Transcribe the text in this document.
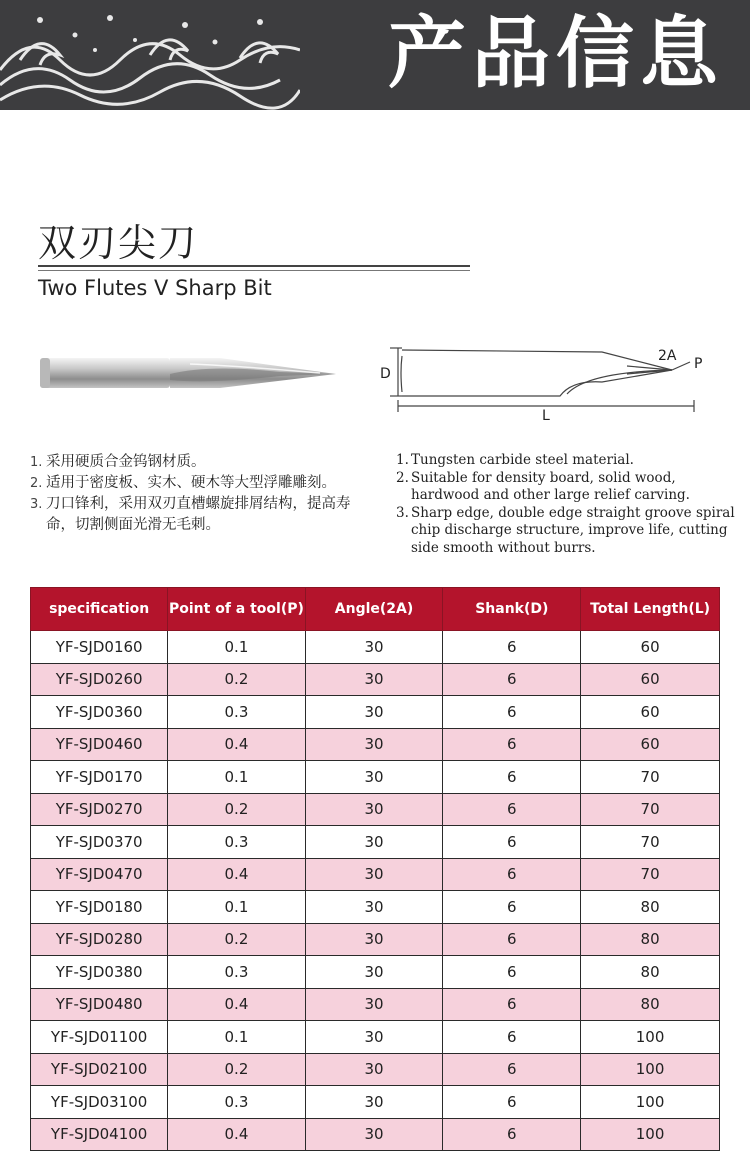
产品信息
双刃尖刀
Two Flutes V Sharp Bit
D
2A P
L
1. 采用硬质合金钨钢材质。
2. 适用于密度板、实木、硬木等大型浮雕雕刻。
3. 刀口锋利，采用双刃直槽螺旋排屑结构，提高寿命，切割侧面光滑无毛刺。
1. Tungsten carbide steel material.
2. Suitable for density board, solid wood, hardwood and other large relief carving.
3. Sharp edge, double edge straight groove spiral chip discharge structure, improve life, cutting side smooth without burrs.
specification	Point of a tool(P)	Angle(2A)	Shank(D)	Total Length(L)
YF-SJD0160	0.1	30	6	60
YF-SJD0260	0.2	30	6	60
YF-SJD0360	0.3	30	6	60
YF-SJD0460	0.4	30	6	60
YF-SJD0170	0.1	30	6	70
YF-SJD0270	0.2	30	6	70
YF-SJD0370	0.3	30	6	70
YF-SJD0470	0.4	30	6	70
YF-SJD0180	0.1	30	6	80
YF-SJD0280	0.2	30	6	80
YF-SJD0380	0.3	30	6	80
YF-SJD0480	0.4	30	6	80
YF-SJD01100	0.1	30	6	100
YF-SJD02100	0.2	30	6	100
YF-SJD03100	0.3	30	6	100
YF-SJD04100	0.4	30	6	100
